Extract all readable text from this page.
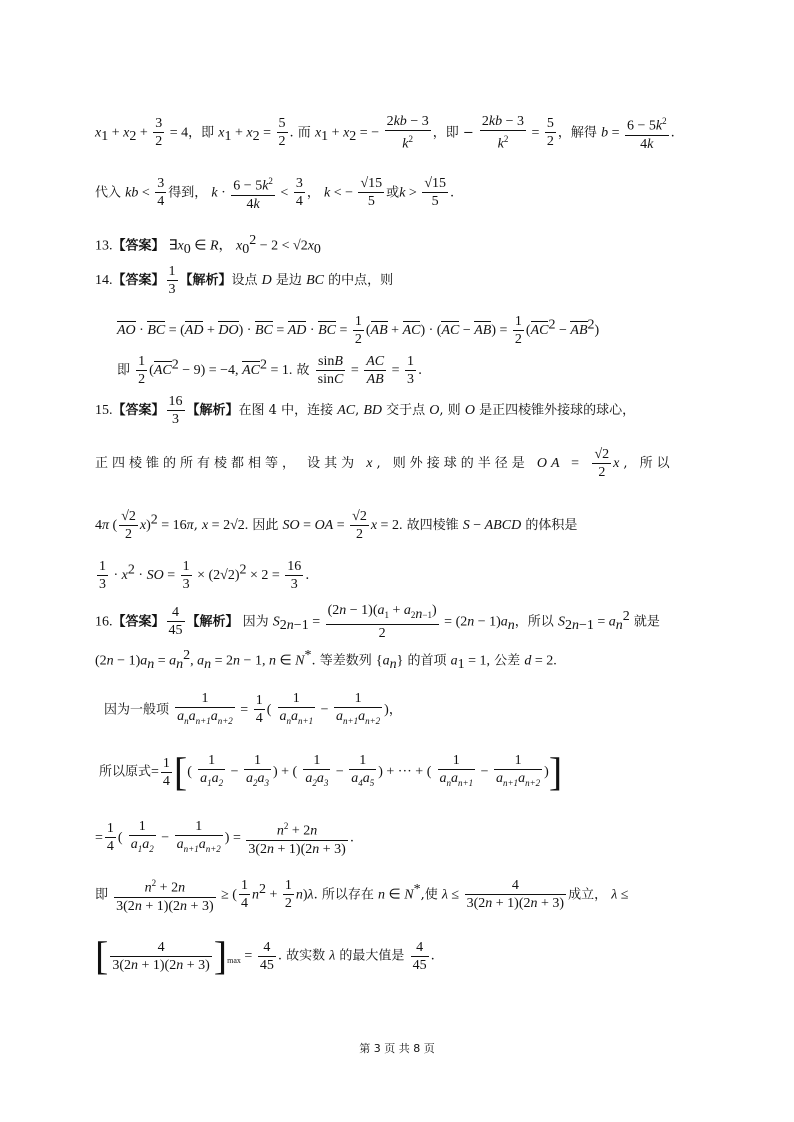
$x_1 + x_2 + \frac{3}{2} = 4$，即 $x_1 + x_2 = \frac{5}{2}$ . 而 $x_1 + x_2$ = − $\frac{2kb - 3}{k^2}$ ，即 − $\frac{2kb - 3}{k^2} = \frac{5}{2}$ ，解得 $b = \frac{6 - 5k^2}{4k}$ .
代入 kb < $\frac{3}{4}$ 得到， $k \cdot \frac{6 - 5k^2}{4k} < \frac{3}{4}$ ， k < − $\frac{√15}{5}$ 或$k > \frac{√15}{5}$ .
13.【答案】 $\exists x_0$ ∈ R， $x_0^2 - 2 < √2x_0$
14.【答案】 $\frac{1}{3}$ 【解析】设点 D 是边 BC 的中点，则
AO · BC = (AD + DO) · BC = AD · BC = $\frac{1}{2} (AB + AC) \cdot (AC - AB) = \frac{1}{2} (AC^2 - AB^2)$
即 $\frac{1}{2} (AC^2 - 9) = -4$, $AC^2 = 1$. 故 $\frac{\sin B}{\sin C} = \frac{AC}{AB} = \frac{1}{3}$ .
15.【答案】 $\frac{16}{3}$ 【解析】在图 4 中，连接 AC, BD 交于点 O, 则 O 是正四棱锥外接球的球心，
正四棱锥的所有棱都相等， 设其为 x, 则外接球的半径是 OA = $\frac{√2}{2} x$, 所以
4π ( $\frac{√2}{2} x)^2 = 16\pi$, x = 2√2. 因此 SO = OA = $\frac{√2}{2}$ x = 2. 故四棱锥 S − ABCD 的体积是
$\frac{1}{3} \cdot x^2$ · SO = $\frac{1}{3} \times (2√2)^2 \times 2 = \frac{16}{3}$ .
16.【答案】 $\frac{4}{45}$ 【解析】 因为 $S_{2n-1} = \frac{(2n - 1)(a_1 + a_{2n-1})}{2} = (2n - 1)a_n$，所以 $S_{2n-1} = a_n^2$ 就是
$(2n - 1)a_n = a_n^2$, $a_n = 2n - 1$, n ∈ N*. 等差数列 $\{a_n\}$ 的首项 $a_1 = 1$, 公差 d = 2.
因为一般项 $\frac{1}{a_na_{n+1}a_{n+2}} = \frac{1}{4}$ ( $\frac{1}{a_na_{n+1}} - \frac{1}{a_{n+1}a_{n+2}}$ )，
所以原式= $\frac{1}{4}$ [( $\frac{1}{a_1a_2} - \frac{1}{a_2a_3}$ ) + ( $\frac{1}{a_2a_3} - \frac{1}{a_4a_5}$ ) + ··· + ( $\frac{1}{a_na_{n+1}} - \frac{1}{a_{n+1}a_{n+2}}$ )]
= $\frac{1}{4}$ ( $\frac{1}{a_1a_2} - \frac{1}{a_{n+1}a_{n+2}}$ ) = $\frac{n^2 + 2n}{3(2n + 1)(2n + 3)}$ .
即 $\frac{n^2 + 2n}{3(2n + 1)(2n + 3)}$ ≥ ( $\frac{1}{4} n^2 + \frac{1}{2} n)\lambda$. 所以存在 n ∈ N*,使 $\lambda \le \frac{4}{3(2n + 1)(2n + 3)}$ 成立， λ ≤
[ $\frac{4}{3(2n + 1)(2n + 3)} ]_{max} = \frac{4}{45}$ . 故实数 λ 的最大值是 $\frac{4}{45}$ .
第 3 页 共 8 页
